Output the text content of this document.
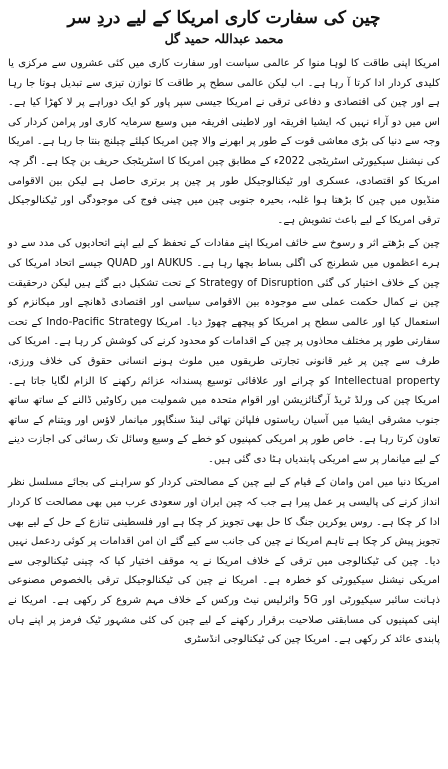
چین کی سفارت کاری امریکا کے لیے دردِ سر
محمد عبداللہ حمید گل

امریکا اپنی طاقت کا لوہا منوا کر عالمی سیاست اور سفارت کاری میں کئی عشروں سے مرکزی یا کلیدی کردار ادا کرتا آ رہا ہے۔ اب لیکن عالمی سطح پر طاقت کا توازن تیزی سے تبدیل ہوتا جا رہا ہے اور چین کی اقتصادی و دفاعی ترقی نے امریکا جیسی سپر پاور کو ایک دوراہے پر لا کھڑا کیا ہے۔ اس میں دو آراء نہیں کہ ایشیا افریقہ اور لاطینی افریقہ میں وسیع سرمایہ کاری اور پرامن کردار کی وجہ سے دنیا کی بڑی معاشی قوت کے طور پر ابھرنے والا چین امریکا کیلئے چیلنج بنتا جا رہا ہے۔ امریکا کی نیشنل سیکیورٹی اسٹریٹجی 2022ء کے مطابق چین امریکا کا اسٹریٹجک حریف بن چکا ہے۔ اگر چہ امریکا کو اقتصادی، عسکری اور ٹیکنالوجیکل طور پر چین پر برتری حاصل ہے لیکن بین الاقوامی منڈیوں میں چین کا بڑھتا ہوا غلبہ، بحیرہ جنوبی چین میں چینی فوج کی موجودگی اور ٹیکنالوجیکل ترقی امریکا کے لیے باعث تشویش ہے۔

چین کے بڑھتے اثر و رسوخ سے خائف امریکا اپنے مفادات کے تحفظ کے لیے اپنے اتحادیوں کی مدد سے دو ہرے اعظموں میں شطرنج کی اگلی بساط بچھا رہا ہے۔ AUKUS اور QUAD جیسے اتحاد امریکا کی چین کے خلاف اختیار کی گئی Strategy of Disruption کے تحت تشکیل دیے گئے ہیں لیکن درحقیقت چین نے کمال حکمت عملی سے موجودہ بین الاقوامی سیاسی اور اقتصادی ڈھانچے اور میکانزم کو استعمال کیا اور عالمی سطح پر امریکا کو پیچھے چھوڑ دیا۔ امریکا Indo-Pacific Strategy کے تحت سفارتی طور پر مختلف محاذوں پر چین کے اقدامات کو محدود کرنے کی کوشش کر رہا ہے۔ امریکا کی طرف سے چین پر غیر قانونی تجارتی طریقوں میں ملوث ہونے انسانی حقوق کی خلاف ورزی، Intellectual property کو چرانے اور علاقائی توسیع پسندانہ عزائم رکھنے کا الزام لگایا جاتا ہے۔ امریکا چین کی ورلڈ ٹریڈ آرگنائزیشن اور اقوام متحدہ میں شمولیت میں رکاوٹیں ڈالنے کے ساتھ ساتھ جنوب مشرقی ایشیا میں آسیان ریاستوں فلپائن تھائی لینڈ سنگاپور میانمار لاؤس اور ویتنام کے ساتھ تعاون کرتا رہا ہے۔ خاص طور پر امریکی کمپنیوں کو خطے کے وسیع وسائل تک رسائی کی اجازت دینے کے لیے میانمار پر سے امریکی پابندیاں ہٹا دی گئی ہیں۔

امریکا دنیا میں امن وامان کے قیام کے لیے چین کے مصالحتی کردار کو سراہنے کی بجائے مسلسل نظر انداز کرنے کی پالیسی پر عمل پیرا ہے جب کہ چین ایران اور سعودی عرب میں بھی مصالحت کا کردار ادا کر چکا ہے۔ روس یوکرین جنگ کا حل بھی تجویز کر چکا ہے اور فلسطینی تنازع کے حل کے لیے بھی تجویز پیش کر چکا ہے تاہم امریکا نے چین کی جانب سے کیے گئے ان امن اقدامات پر کوئی ردعمل نہیں دیا۔ چین کی ٹیکنالوجی میں ترقی کے خلاف امریکا نے یہ موقف اختیار کیا کہ چینی ٹیکنالوجی سے امریکی نیشنل سیکیورٹی کو خطرہ ہے۔ امریکا نے چین کی ٹیکنالوجیکل ترقی بالخصوص مصنوعی ذہانت سائبر سیکیورٹی اور 5G وائرلیس نیٹ ورکس کے خلاف مہم شروع کر رکھی ہے۔ امریکا نے اپنی کمپنیوں کی مسابقتی صلاحیت برقرار رکھنے کے لیے چین کی کئی مشہور ٹیک فرمز پر اپنے ہاں پابندی عائد کر رکھی ہے۔ امریکا چین کی ٹیکنالوجی انڈسٹری
